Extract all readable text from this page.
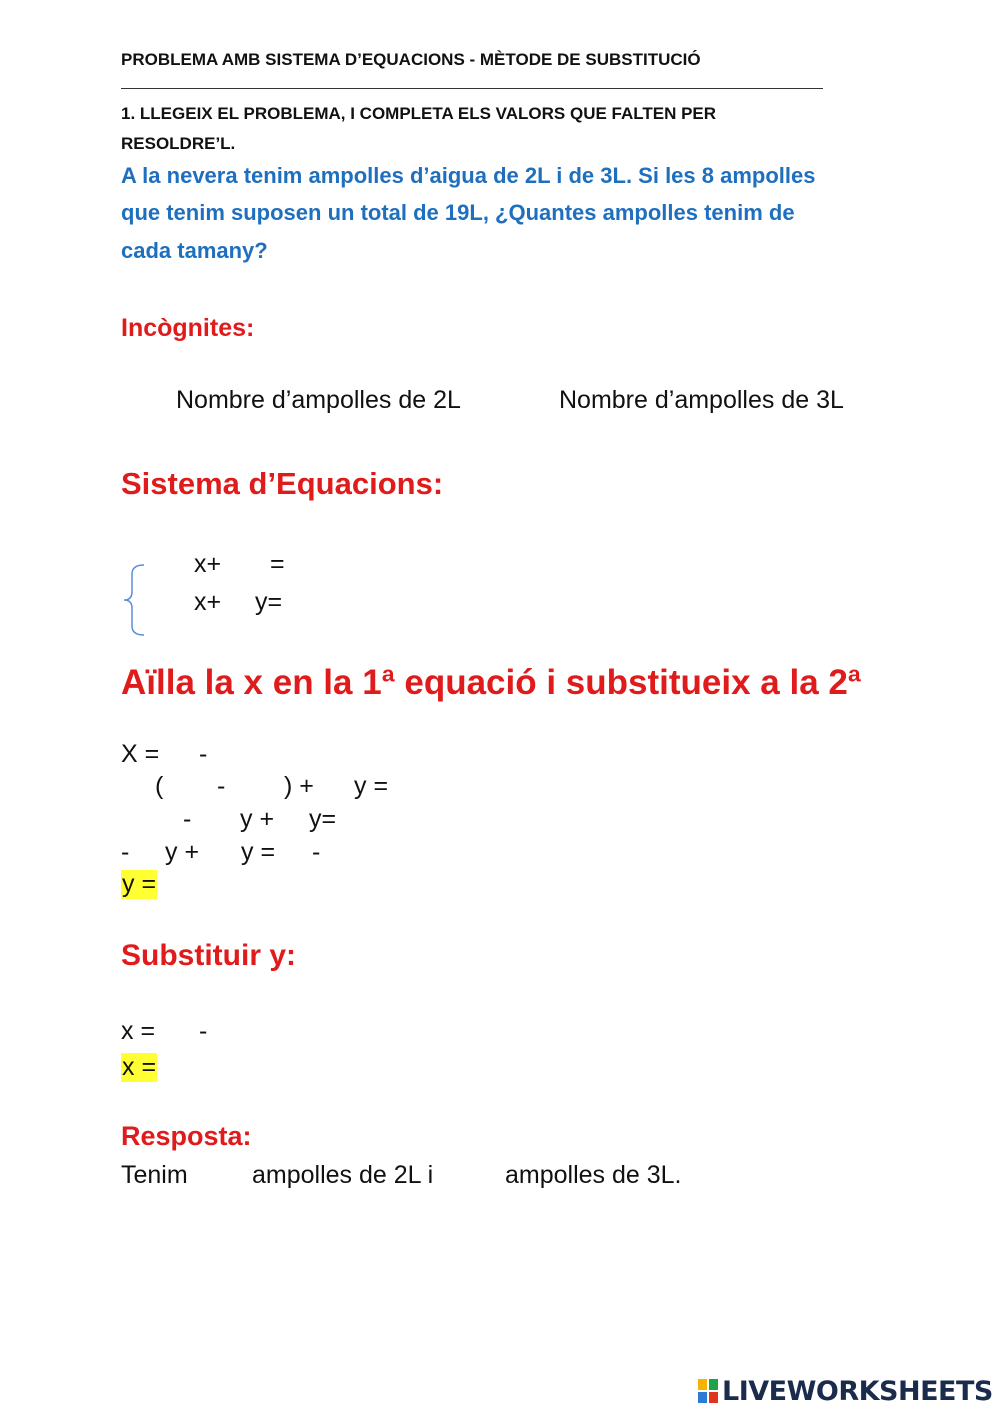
PROBLEMA AMB SISTEMA D’EQUACIONS - MÈTODE DE SUBSTITUCIÓ
1. LLEGEIX EL PROBLEMA, I COMPLETA ELS VALORS QUE FALTEN PER
RESOLDRE’L.
A la nevera tenim ampolles d’aigua de 2L i de 3L. Si les 8 ampolles
que tenim suposen un total de 19L, ¿Quantes ampolles tenim de
cada tamany?
Incògnites:
Nombre d’ampolles de 2L	Nombre d’ampolles de 3L
Sistema d’Equacions:
x+ =
x+ y=
Aïlla la x en la 1ª equació i substitueix a la 2ª
X = -
( - ) + y =
- y + y=
- y + y = -
y =
Substituir y:
x = -
x =
Resposta:
Tenim	ampolles de 2L i	ampolles de 3L.
LIVEWORKSHEETS
